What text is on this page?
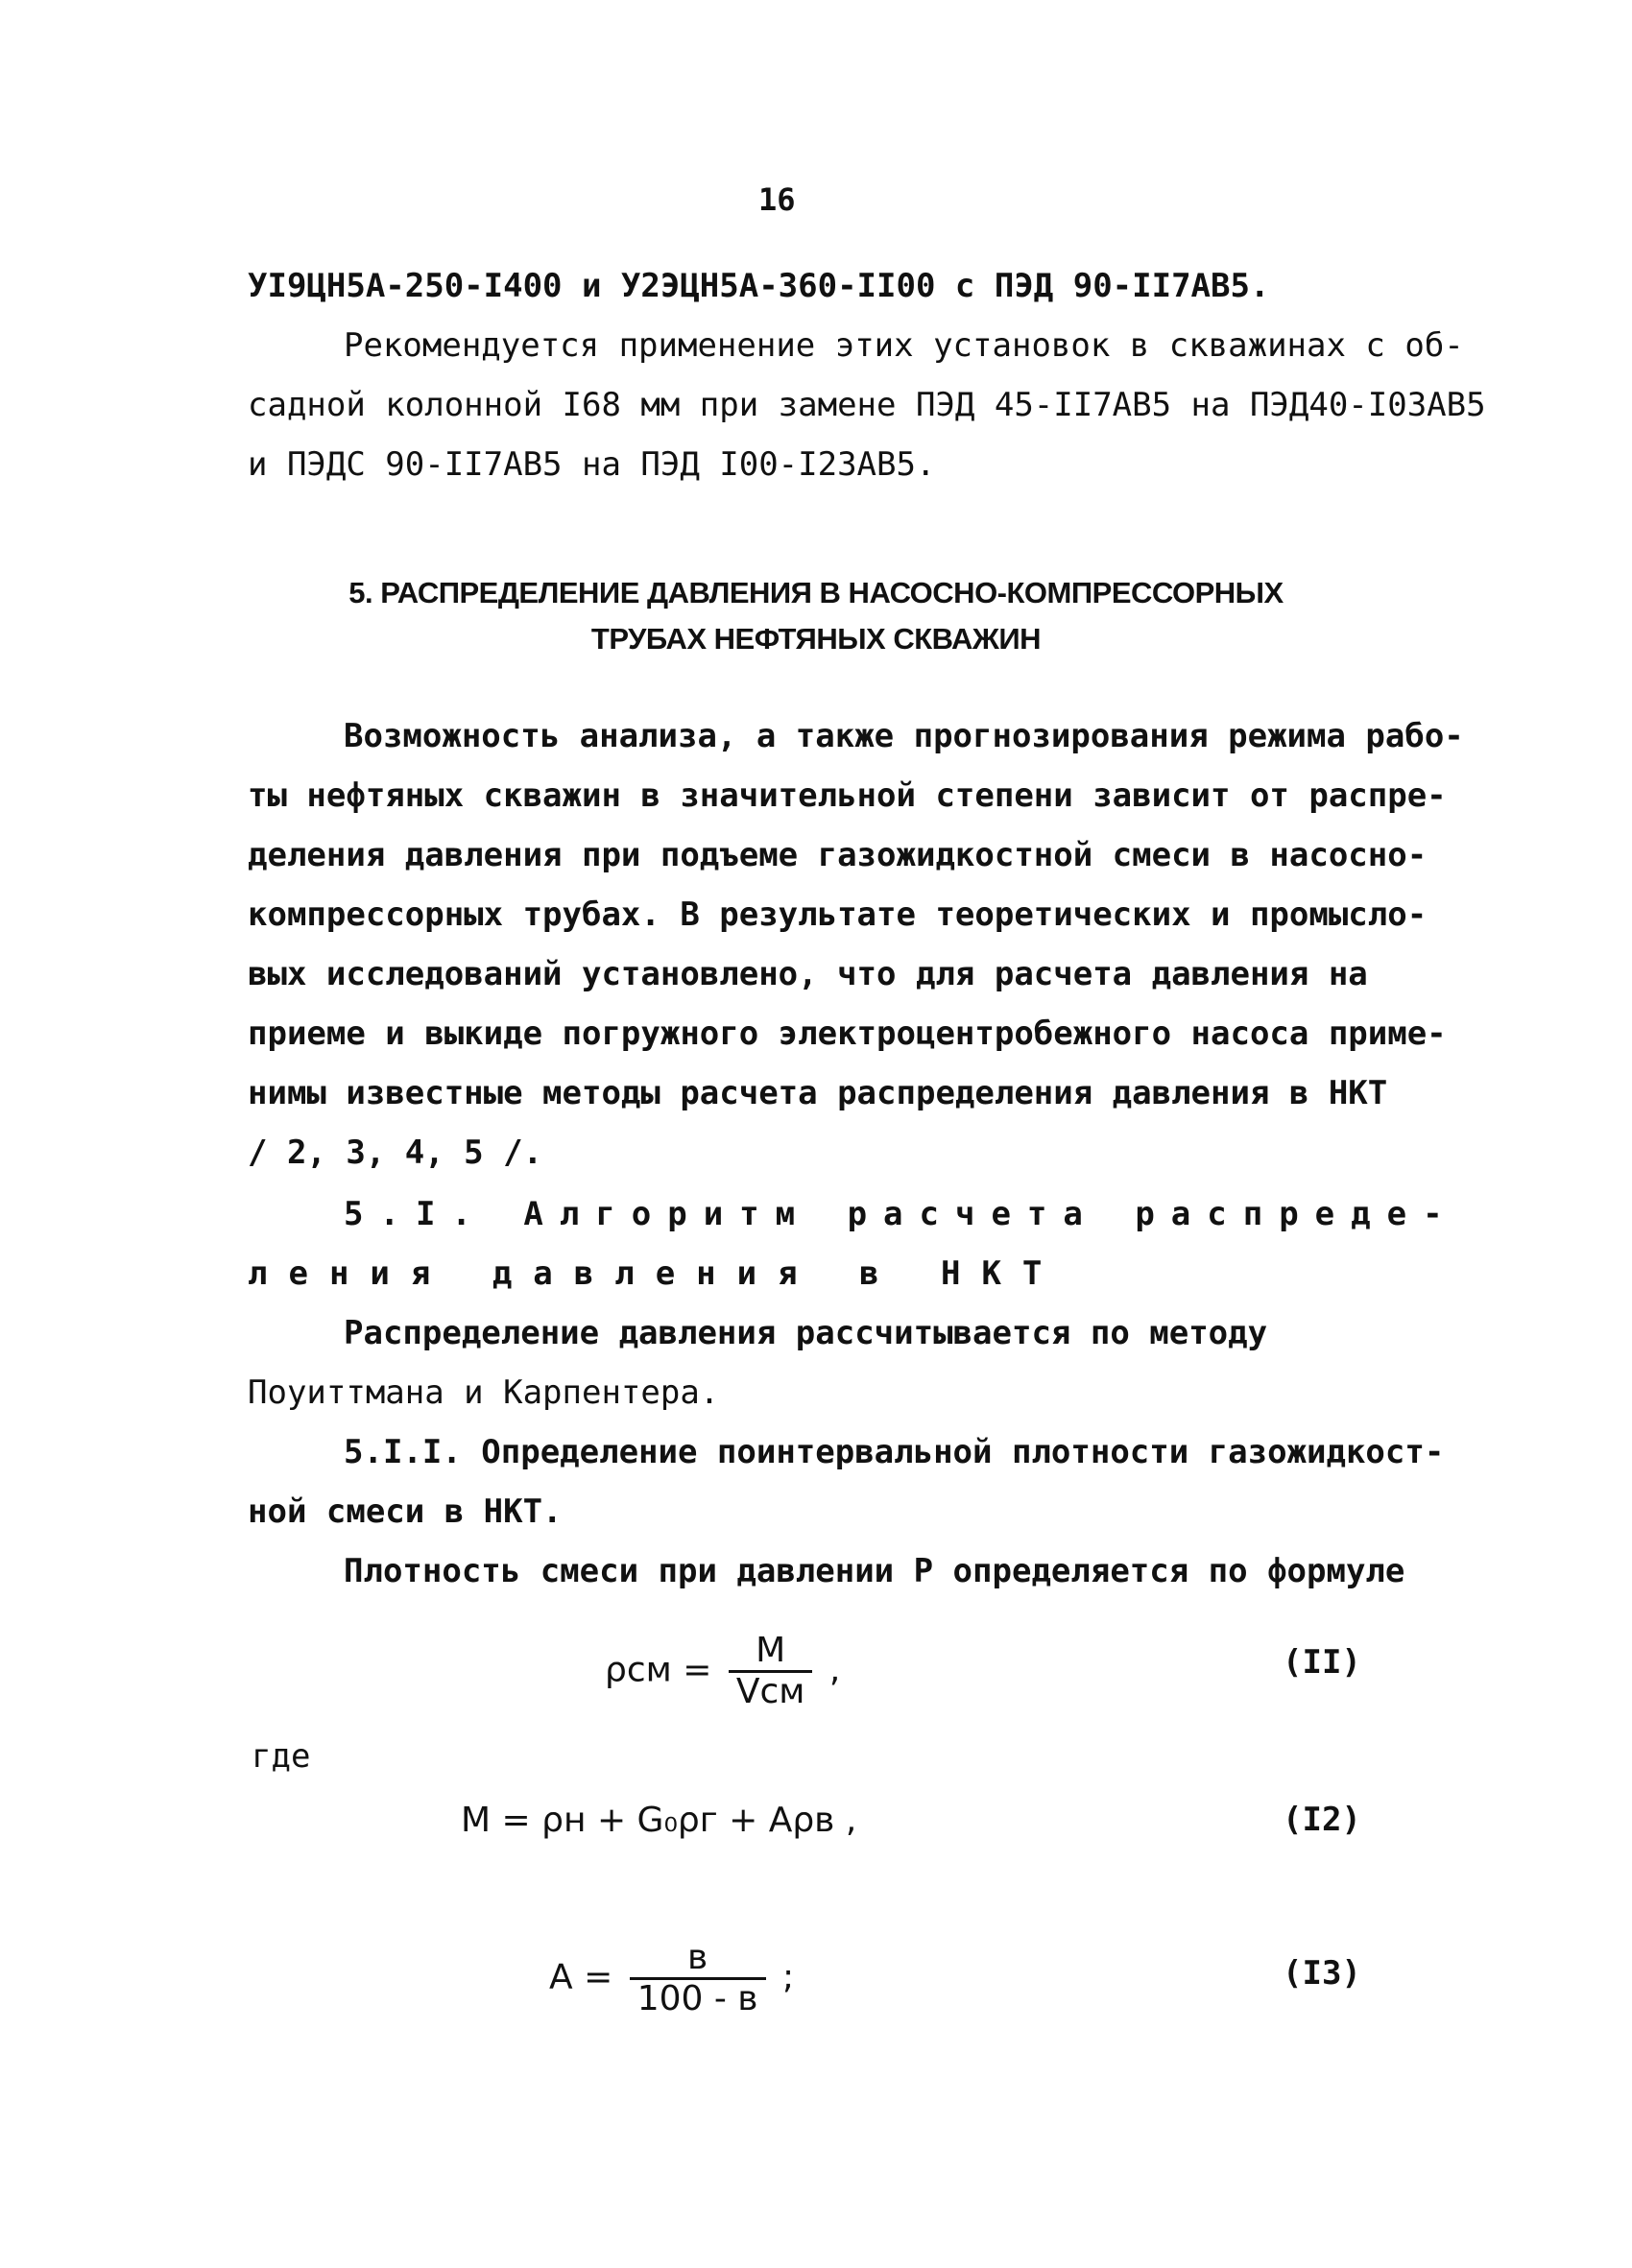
16
УI9ЦН5А-250-I400 и У2ЭЦН5А-360-II00 с ПЭД 90-II7АВ5.
Рекомендуется применение этих установок в скважинах с об-
садной колонной I68 мм при замене ПЭД 45-II7АВ5 на ПЭД40-I03АВ5
и ПЭДС 90-II7АВ5 на ПЭД I00-I23АВ5.
5. РАСПРЕДЕЛЕНИЕ ДАВЛЕНИЯ В НАСОСНО-КОМПРЕССОРНЫХ
ТРУБАХ НЕФТЯНЫХ СКВАЖИН
Возможность анализа, а также прогнозирования режима рабо-
ты нефтяных скважин в значительной степени зависит от распре-
деления давления при подъеме газожидкостной смеси в насосно-
компрессорных трубах. В результате теоретических и промысло-
вых исследований установлено, что для расчета давления на
приеме и выкиде погружного электроцентробежного насоса приме-
нимы известные методы расчета распределения давления в НКТ
/ 2, 3, 4, 5 /.
5.I. Алгоритм расчета распреде-
ления давления в НКТ
Распределение давления рассчитывается по методу
Поуиттмана и Карпентера.
5.I.I. Определение поинтервальной плотности газожидкост-
ной смеси в НКТ.
Плотность смеси при давлении Р определяется по формуле
$\rho см = \frac{M}{\text{Vсм}}$ ,	(II)
где
M = ρн + G₀ρг + Aρв ,	(I2)
$A = \frac{в}{100 - в}$ ;	(I3)
